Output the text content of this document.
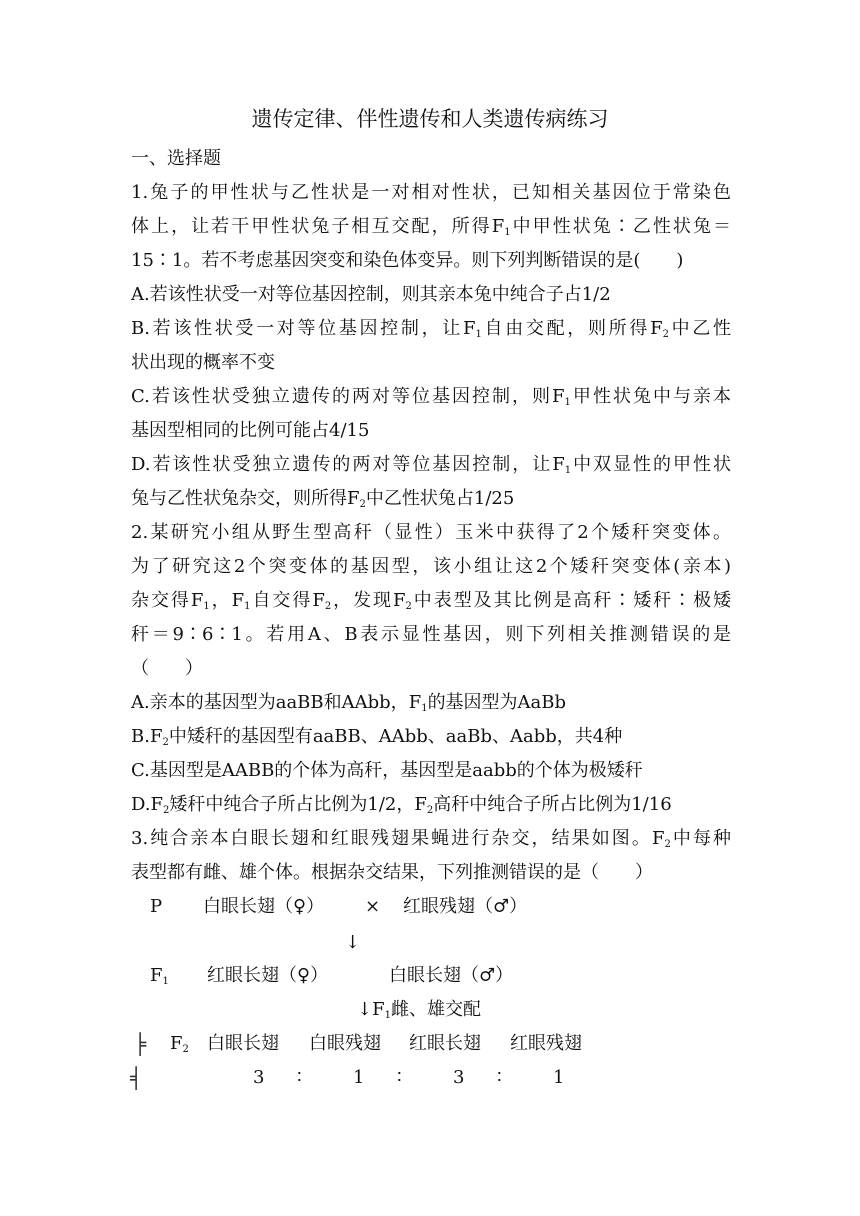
遗传定律、伴性遗传和人类遗传病练习
一、选择题
1.兔子的甲性状与乙性状是一对相对性状，已知相关基因位于常染色
体上，让若干甲性状兔子相互交配，所得$F_1$中甲性状兔∶乙性状兔＝
15∶1。若不考虑基因突变和染色体变异。则下列判断错误的是(　　)
A.若该性状受一对等位基因控制，则其亲本兔中纯合子占1/2
B.若该性状受一对等位基因控制，让$F_1$自由交配，则所得$F_2$中乙性
状出现的概率不变
C.若该性状受独立遗传的两对等位基因控制，则$F_1$甲性状兔中与亲本
基因型相同的比例可能占4/15
D.若该性状受独立遗传的两对等位基因控制，让$F_1$中双显性的甲性状
兔与乙性状兔杂交，则所得$F_2$中乙性状兔占1/25
2.某研究小组从野生型高秆（显性）玉米中获得了2个矮秆突变体。
为了研究这2个突变体的基因型，该小组让这2个矮秆突变体(亲本)
杂交得$F_1$，$F_1$自交得$F_2$，发现$F_2$中表型及其比例是高秆∶矮秆∶极矮
秆＝9∶6∶1。若用A、B表示显性基因，则下列相关推测错误的是
（　　）
A.亲本的基因型为aaBB和AAbb，$F_1$的基因型为AaBb
$B.F_2$中矮秆的基因型有aaBB、AAbb、aaBb、Aabb，共4种
C.基因型是AABB的个体为高秆，基因型是aabb的个体为极矮秆
$D.F_2$矮秆中纯合子所占比例为1/2，$F_2$高秆中纯合子所占比例为1/16
3.纯合亲本白眼长翅和红眼残翅果蝇进行杂交，结果如图。$F_2$中每种
表型都有雌、雄个体。根据杂交结果，下列推测错误的是（　　）
P 白眼长翅（♀） × 红眼残翅（♂）
↓
$F_1$ 红眼长翅（♀）	白眼长翅（♂）
$↓F_1$雌、雄交配
╞ $F_2$ 白眼长翅 白眼残翅 红眼长翅 红眼残翅
╡	3 ∶	1 ∶	3 ∶	1
